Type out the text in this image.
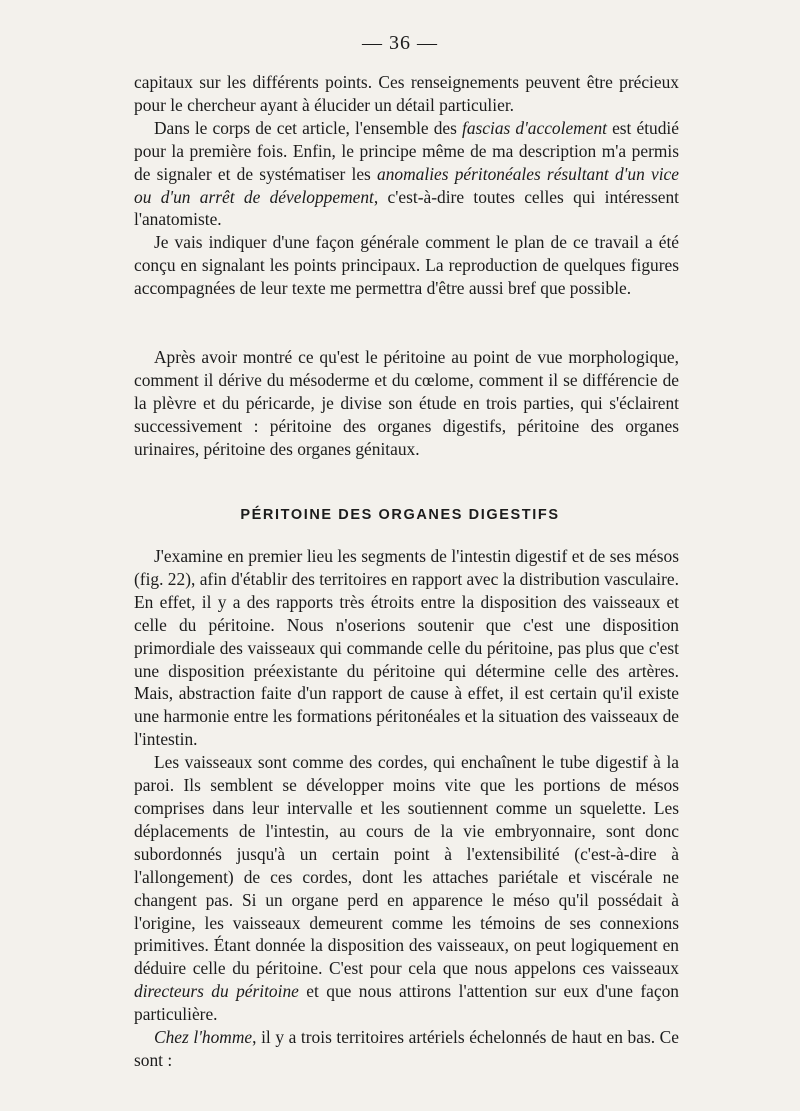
— 36 —

capitaux sur les différents points. Ces renseignements peuvent être précieux pour le chercheur ayant à élucider un détail particulier.

Dans le corps de cet article, l'ensemble des fascias d'accolement est étudié pour la première fois. Enfin, le principe même de ma description m'a permis de signaler et de systématiser les anomalies péritonéales résultant d'un vice ou d'un arrêt de développement, c'est-à-dire toutes celles qui intéressent l'anatomiste.

Je vais indiquer d'une façon générale comment le plan de ce travail a été conçu en signalant les points principaux. La reproduction de quelques figures accompagnées de leur texte me permettra d'être aussi bref que possible.

Après avoir montré ce qu'est le péritoine au point de vue morphologique, comment il dérive du mésoderme et du cœlome, comment il se différencie de la plèvre et du péricarde, je divise son étude en trois parties, qui s'éclairent successivement : péritoine des organes digestifs, péritoine des organes urinaires, péritoine des organes génitaux.

PÉRITOINE DES ORGANES DIGESTIFS

J'examine en premier lieu les segments de l'intestin digestif et de ses mésos (fig. 22), afin d'établir des territoires en rapport avec la distribution vasculaire. En effet, il y a des rapports très étroits entre la disposition des vaisseaux et celle du péritoine. Nous n'oserions soutenir que c'est une disposition primordiale des vaisseaux qui commande celle du péritoine, pas plus que c'est une disposition préexistante du péritoine qui détermine celle des artères. Mais, abstraction faite d'un rapport de cause à effet, il est certain qu'il existe une harmonie entre les formations péritonéales et la situation des vaisseaux de l'intestin.

Les vaisseaux sont comme des cordes, qui enchaînent le tube digestif à la paroi. Ils semblent se développer moins vite que les portions de mésos comprises dans leur intervalle et les soutiennent comme un squelette. Les déplacements de l'intestin, au cours de la vie embryonnaire, sont donc subordonnés jusqu'à un certain point à l'extensibilité (c'est-à-dire à l'allongement) de ces cordes, dont les attaches pariétale et viscérale ne changent pas. Si un organe perd en apparence le méso qu'il possédait à l'origine, les vaisseaux demeurent comme les témoins de ses connexions primitives. Étant donnée la disposition des vaisseaux, on peut logiquement en déduire celle du péritoine. C'est pour cela que nous appelons ces vaisseaux directeurs du péritoine et que nous attirons l'attention sur eux d'une façon particulière.

Chez l'homme, il y a trois territoires artériels échelonnés de haut en bas. Ce sont :
